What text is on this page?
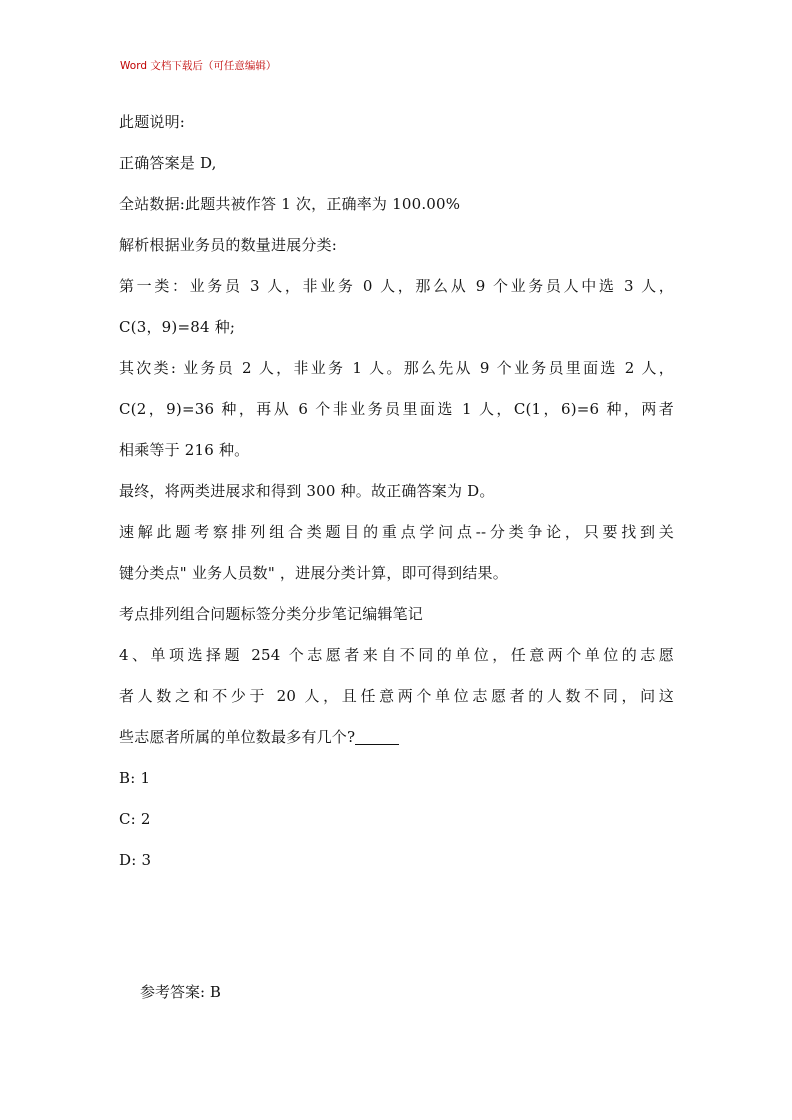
Word 文档下载后（可任意编辑）
此题说明:
正确答案是 D,
全站数据:此题共被作答 1 次，正确率为 100.00%
解析根据业务员的数量进展分类:
第一类：业务员 3 人，非业务 0 人，那么从 9 个业务员人中选 3 人，
C(3，9)=84 种;
其次类: 业务员 2 人，非业务 1 人。那么先从 9 个业务员里面选 2 人，
C(2，9)=36 种，再从 6 个非业务员里面选 1 人，C(1，6)=6 种，两者
相乘等于 216 种。
最终，将两类进展求和得到 300 种。故正确答案为 D。
速解此题考察排列组合类题目的重点学问点--分类争论，只要找到关
键分类点" 业务人员数" ，进展分类计算，即可得到结果。
考点排列组合问题标签分类分步笔记编辑笔记
4、单项选择题 254 个志愿者来自不同的单位，任意两个单位的志愿
者人数之和不少于 20 人，且任意两个单位志愿者的人数不同，问这
些志愿者所属的单位数最多有几个?
B: 1
C: 2
D: 3
参考答案: B
